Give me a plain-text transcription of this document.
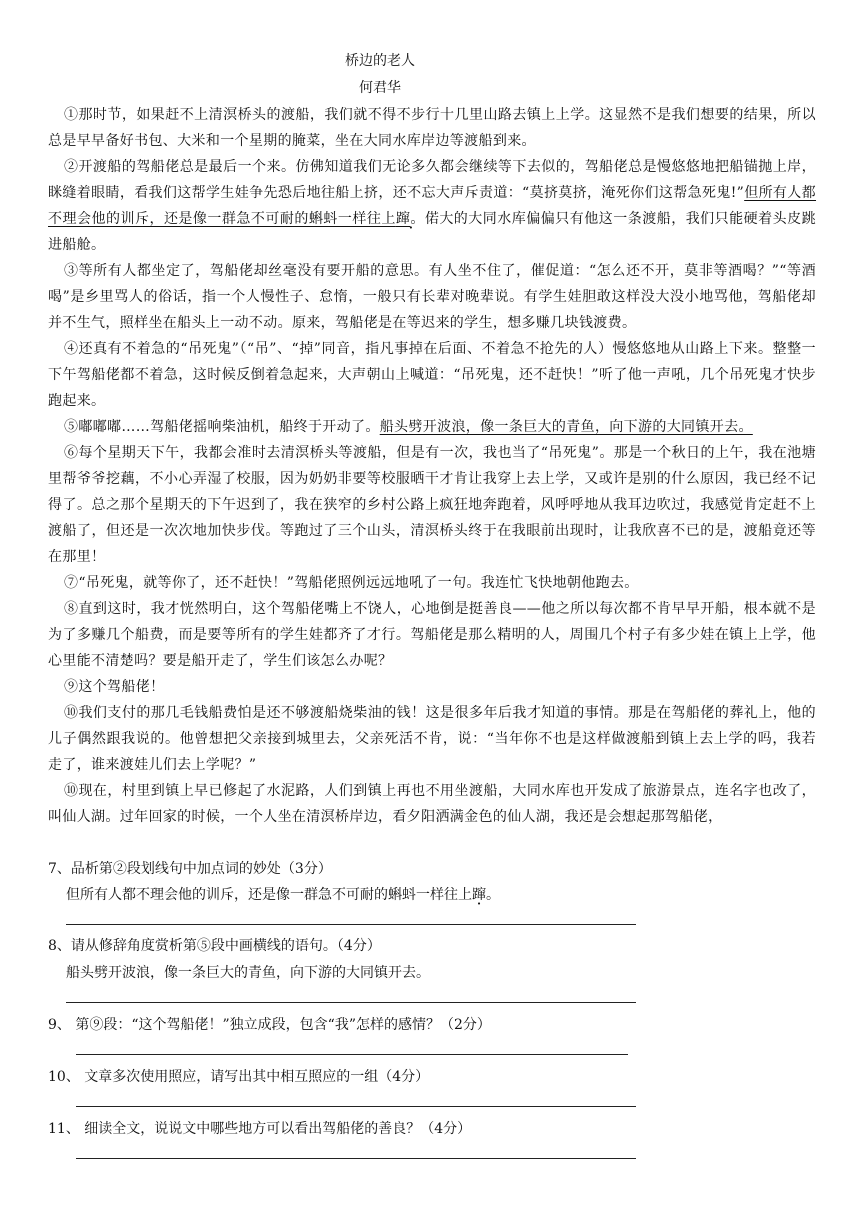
桥边的老人
何君华

①那时节，如果赶不上清溟桥头的渡船，我们就不得不步行十几里山路去镇上上学。这显然不是我们想要的结果，所以总是早早备好书包、大米和一个星期的腌菜，坐在大同水库岸边等渡船到来。

②开渡船的驾船佬总是最后一个来。仿佛知道我们无论多久都会继续等下去似的，驾船佬总是慢悠悠地把船锚抛上岸，眯缝着眼睛，看我们这帮学生娃争先恐后地往船上挤，还不忘大声斥责道：“莫挤莫挤，淹死你们这帮急死鬼!”但所有人都不理会他的训斥，还是像一群急不可耐的蝌蚪一样往上蹿。偌大的大同水库偏偏只有他这一条渡船，我们只能硬着头皮跳进船舱。

③等所有人都坐定了，驾船佬却丝毫没有要开船的意思。有人坐不住了，催促道：“怎么还不开，莫非等酒喝？”“等酒喝”是乡里骂人的俗话，指一个人慢性子、怠惰，一般只有长辈对晚辈说。有学生娃胆敢这样没大没小地骂他，驾船佬却并不生气，照样坐在船头上一动不动。原来，驾船佬是在等迟来的学生，想多赚几块钱渡费。

④还真有不着急的“吊死鬼”（“吊”、“掉”同音，指凡事掉在后面、不着急不抢先的人）慢悠悠地从山路上下来。整整一下午驾船佬都不着急，这时候反倒着急起来，大声朝山上喊道：“吊死鬼，还不赶快！”听了他一声吼，几个吊死鬼才快步跑起来。

⑤嘟嘟嘟……驾船佬摇响柴油机，船终于开动了。船头劈开波浪，像一条巨大的青鱼，向下游的大同镇开去。

⑥每个星期天下午，我都会准时去清溟桥头等渡船，但是有一次，我也当了“吊死鬼”。那是一个秋日的上午，我在池塘里帮爷爷挖藕，不小心弄湿了校服，因为奶奶非要等校服晒干才肯让我穿上去上学，又或许是别的什么原因，我已经不记得了。总之那个星期天的下午迟到了，我在狭窄的乡村公路上疯狂地奔跑着，风呼呼地从我耳边吹过，我感觉肯定赶不上渡船了，但还是一次次地加快步伐。等跑过了三个山头，清溟桥头终于在我眼前出现时，让我欣喜不已的是，渡船竟还等在那里！

⑦“吊死鬼，就等你了，还不赶快！”驾船佬照例远远地吼了一句。我连忙飞快地朝他跑去。

⑧直到这时，我才恍然明白，这个驾船佬嘴上不饶人，心地倒是挺善良——他之所以每次都不肯早早开船，根本就不是为了多赚几个船费，而是要等所有的学生娃都齐了才行。驾船佬是那么精明的人，周围几个村子有多少娃在镇上上学，他心里能不清楚吗？要是船开走了，学生们该怎么办呢？

⑨这个驾船佬！

⑩我们支付的那几毛钱船费怕是还不够渡船烧柴油的钱！这是很多年后我才知道的事情。那是在驾船佬的葬礼上，他的儿子偶然跟我说的。他曾想把父亲接到城里去，父亲死活不肯，说：“当年你不也是这样做渡船到镇上去上学的吗，我若走了，谁来渡娃儿们去上学呢？”

⑩现在，村里到镇上早已修起了水泥路，人们到镇上再也不用坐渡船，大同水库也开发成了旅游景点，连名字也改了，叫仙人湖。过年回家的时候，一个人坐在清溟桥岸边，看夕阳洒满金色的仙人湖，我还是会想起那驾船佬，

7、品析第②段划线句中加点词的妙处（3分）
但所有人都不理会他的训斥，还是像一群急不可耐的蝌蚪一样往上蹿。
8、请从修辞角度赏析第⑤段中画横线的语句。（4分）
船头劈开波浪，像一条巨大的青鱼，向下游的大同镇开去。
9、 第⑨段：“这个驾船佬！”独立成段，包含“我”怎样的感情？（2分）
10、 文章多次使用照应，请写出其中相互照应的一组（4分）
11、 细读全文，说说文中哪些地方可以看出驾船佬的善良？（4分）
